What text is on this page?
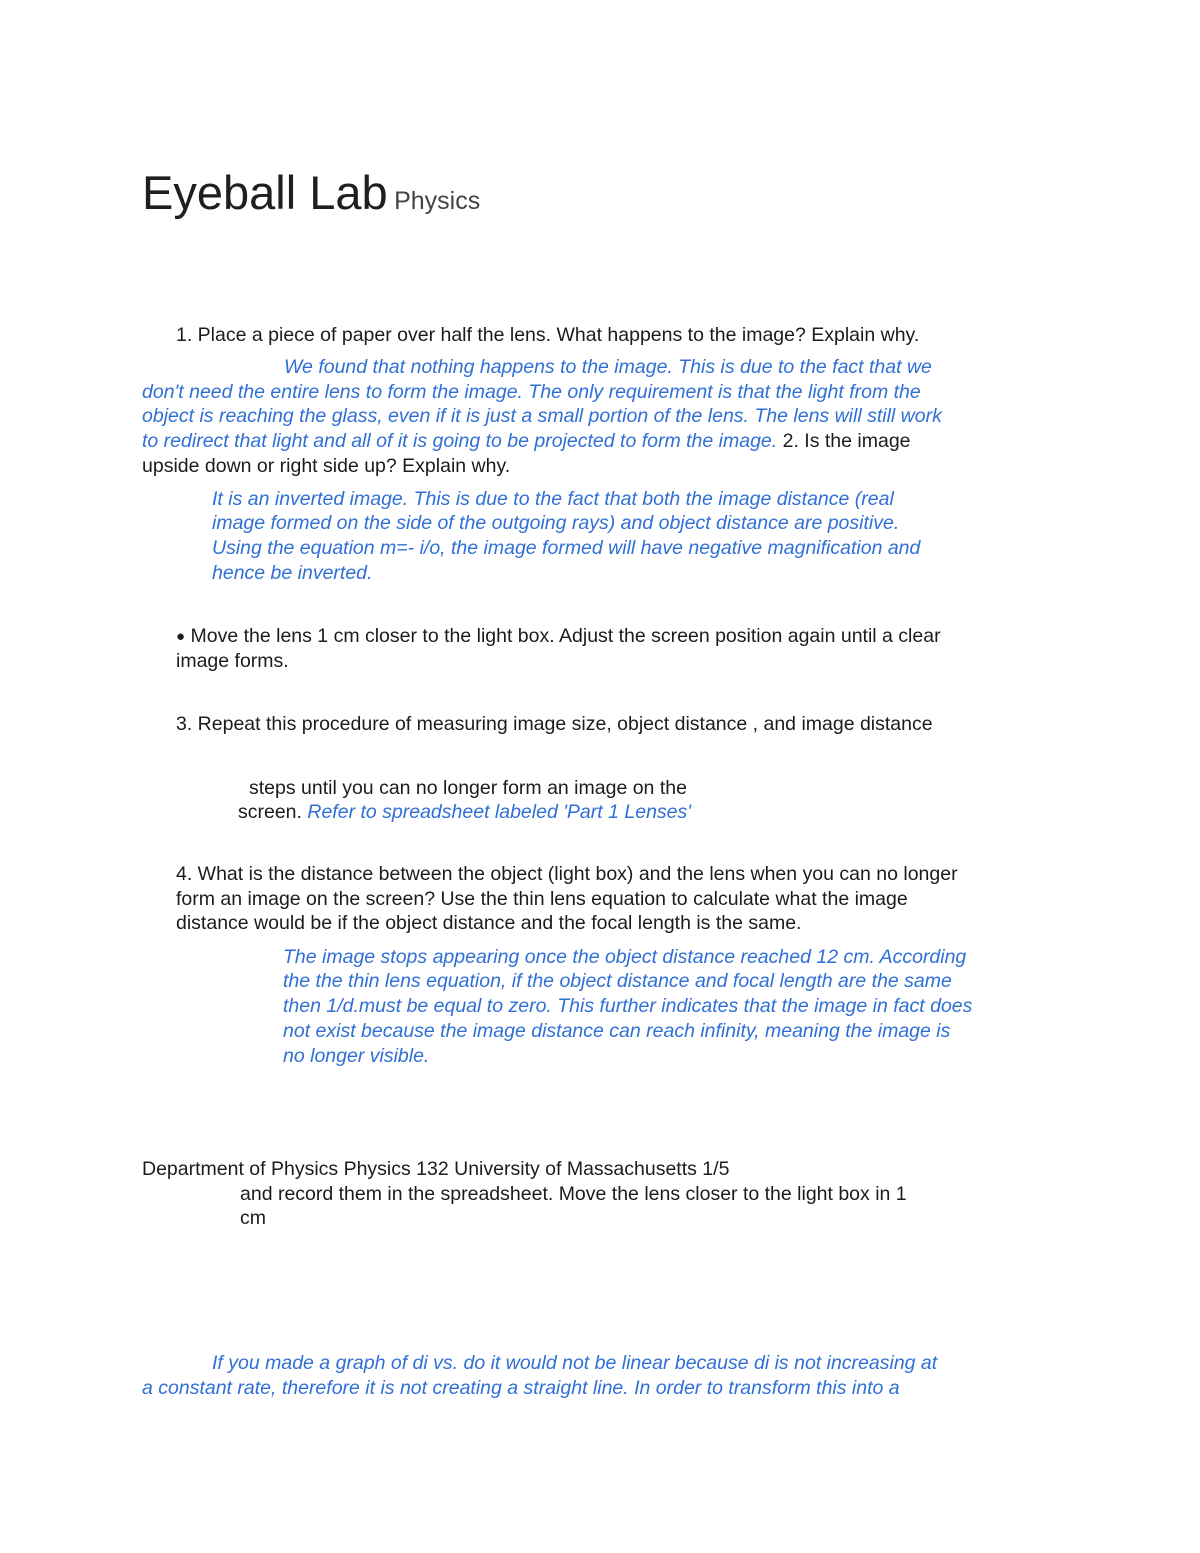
Eyeball Lab Physics

1. Place a piece of paper over half the lens. What happens to the image? Explain why.

We found that nothing happens to the image. This is due to the fact that we

don't need the entire lens to form the image. The only requirement is that the light from the

object is reaching the glass, even if it is just a small portion of the lens. The lens will still work

to redirect that light and all of it is going to be projected to form the image. 2. Is the image

upside down or right side up? Explain why.

It is an inverted image. This is due to the fact that both the image distance (real

image formed on the side of the outgoing rays) and object distance are positive.

Using the equation m=- i/o, the image formed will have negative magnification and

hence be inverted.

● Move the lens 1 cm closer to the light box. Adjust the screen position again until a clear

image forms.

3. Repeat this procedure of measuring image size, object distance , and image distance

steps until you can no longer form an image on the

screen. Refer to spreadsheet labeled 'Part 1 Lenses'

4. What is the distance between the object (light box) and the lens when you can no longer

form an image on the screen? Use the thin lens equation to calculate what the image

distance would be if the object distance and the focal length is the same.

The image stops appearing once the object distance reached 12 cm. According

the the thin lens equation, if the object distance and focal length are the same

then 1/d.must be equal to zero. This further indicates that the image in fact does

not exist because the image distance can reach infinity, meaning the image is

no longer visible.

Department of Physics Physics 132 University of Massachusetts 1/5

and record them in the spreadsheet. Move the lens closer to the light box in 1

cm

If you made a graph of di vs. do it would not be linear because di is not increasing at

a constant rate, therefore it is not creating a straight line. In order to transform this into a
